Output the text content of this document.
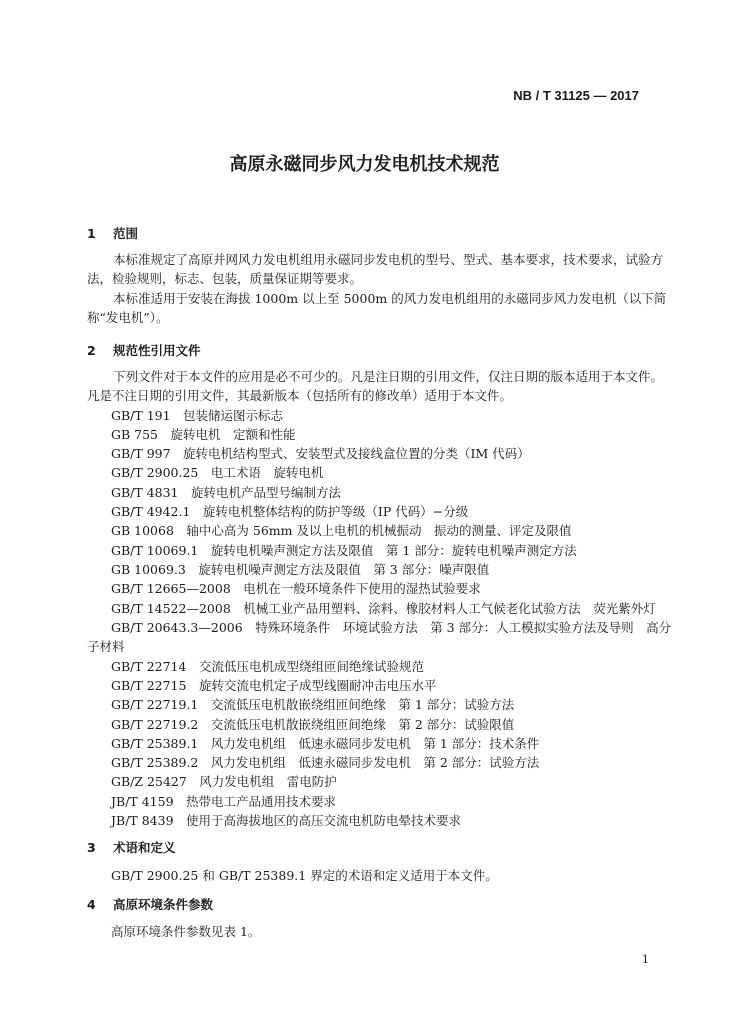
NB / T 31125 — 2017
高原永磁同步风力发电机技术规范
1 范围
本标准规定了高原并网风力发电机组用永磁同步发电机的型号、型式、基本要求，技术要求，试验方法，检验规则，标志、包装，质量保证期等要求。
本标准适用于安装在海拔 1000m 以上至 5000m 的风力发电机组用的永磁同步风力发电机（以下简称“发电机”）。
2 规范性引用文件
下列文件对于本文件的应用是必不可少的。凡是注日期的引用文件，仅注日期的版本适用于本文件。凡是不注日期的引用文件，其最新版本（包括所有的修改单）适用于本文件。
GB/T 191　包装储运图示标志
GB 755　旋转电机　定额和性能
GB/T 997　旋转电机结构型式、安装型式及接线盒位置的分类（IM 代码）
GB/T 2900.25　电工术语　旋转电机
GB/T 4831　旋转电机产品型号编制方法
GB/T 4942.1　旋转电机整体结构的防护等级（IP 代码）−分级
GB 10068　轴中心高为 56mm 及以上电机的机械振动　振动的测量、评定及限值
GB/T 10069.1　旋转电机噪声测定方法及限值　第 1 部分：旋转电机噪声测定方法
GB 10069.3　旋转电机噪声测定方法及限值　第 3 部分：噪声限值
GB/T 12665—2008　电机在一般环境条件下使用的湿热试验要求
GB/T 14522—2008　机械工业产品用塑料、涂料、橡胶材料人工气候老化试验方法　荧光紫外灯
GB/T 20643.3—2006　特殊环境条件　环境试验方法　第 3 部分：人工模拟实验方法及导则　高分
子材料
GB/T 22714　交流低压电机成型绕组匝间绝缘试验规范
GB/T 22715　旋转交流电机定子成型线圈耐冲击电压水平
GB/T 22719.1　交流低压电机散嵌绕组匝间绝缘　第 1 部分：试验方法
GB/T 22719.2　交流低压电机散嵌绕组匝间绝缘　第 2 部分：试验限值
GB/T 25389.1　风力发电机组　低速永磁同步发电机　第 1 部分：技术条件
GB/T 25389.2　风力发电机组　低速永磁同步发电机　第 2 部分：试验方法
GB/Z 25427　风力发电机组　雷电防护
JB/T 4159　热带电工产品通用技术要求
JB/T 8439　使用于高海拔地区的高压交流电机防电晕技术要求
3 术语和定义
GB/T 2900.25 和 GB/T 25389.1 界定的术语和定义适用于本文件。
4 高原环境条件参数
高原环境条件参数见表 1。
1
